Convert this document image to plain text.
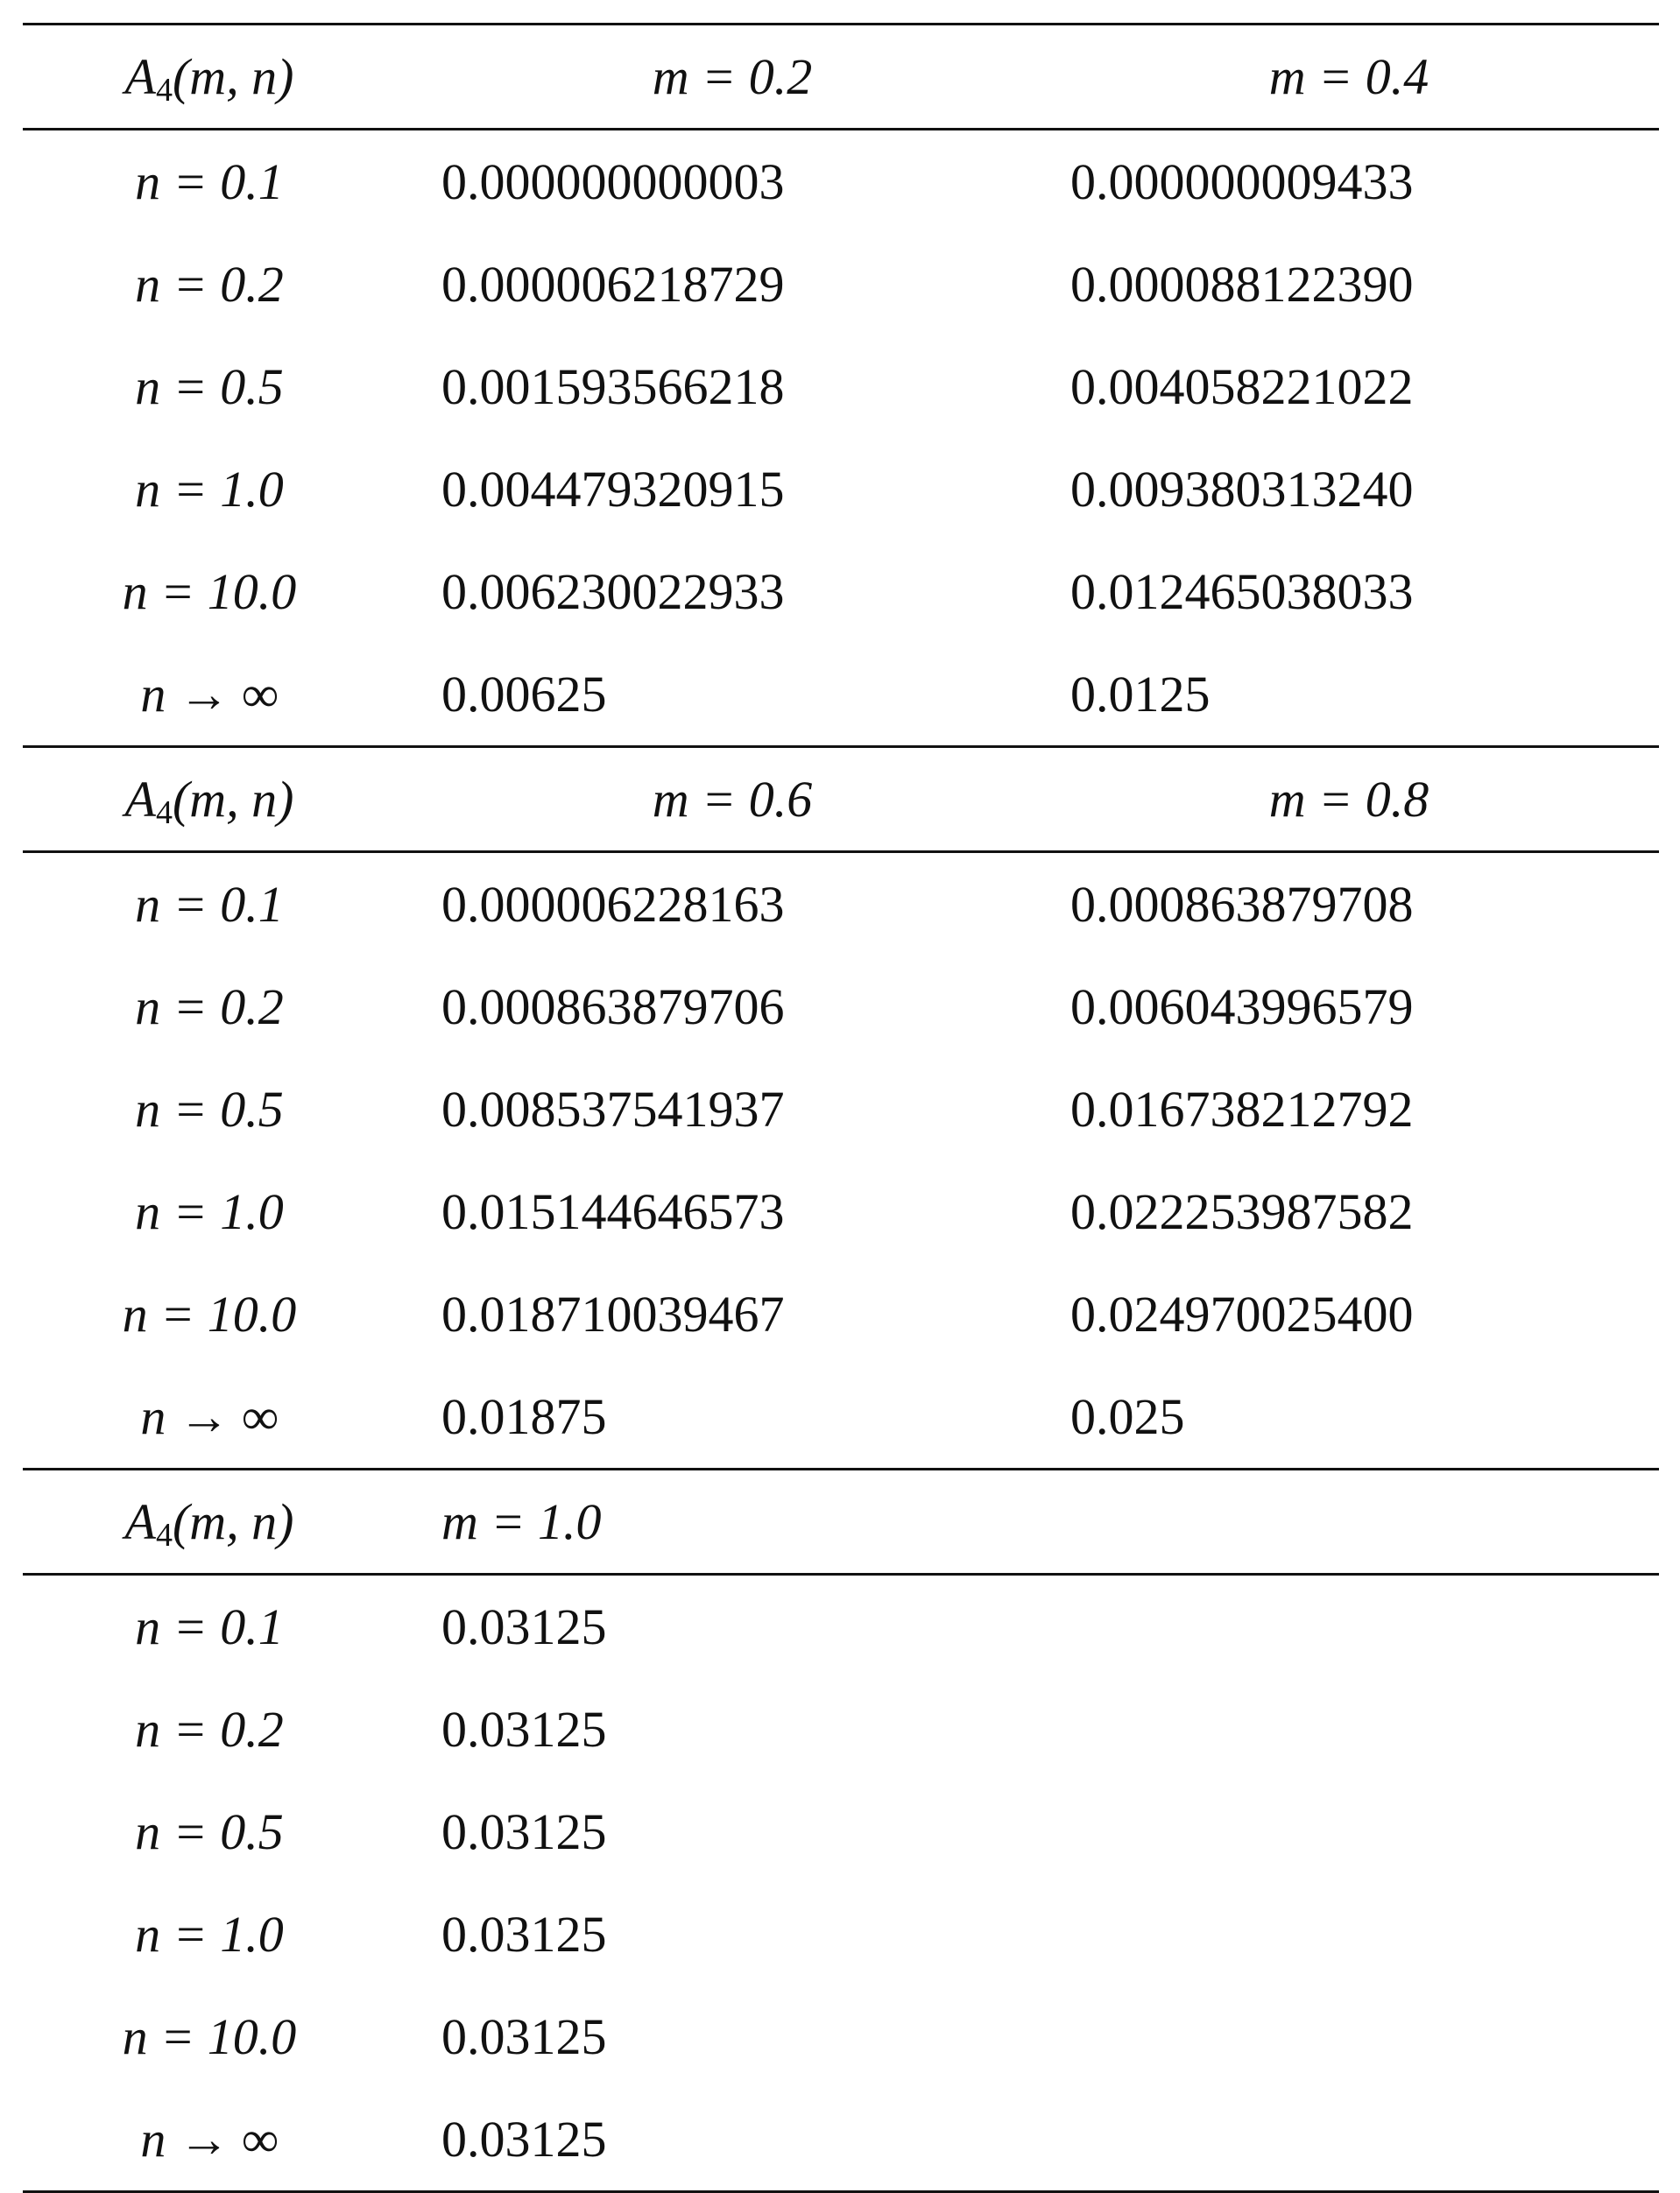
$A_4(m$, n)	m = 0.2	m = 0.4
n = 0.1	0.000000000003	0.000000009433
n = 0.2	0.000006218729	0.000088122390
n = 0.5	0.001593566218	0.004058221022
n = 1.0	0.004479320915	0.009380313240
n = 10.0	0.006230022933	0.012465038033
n → ∞	0.00625	0.0125
$A_4(m$, n)	m = 0.6	m = 0.8
n = 0.1	0.000006228163	0.000863879708
n = 0.2	0.000863879706	0.006043996579
n = 0.5	0.008537541937	0.016738212792
n = 1.0	0.015144646573	0.022253987582
n = 10.0	0.018710039467	0.024970025400
n → ∞	0.01875	0.025
$A_4(m$, n)	m = 1.0
n = 0.1	0.03125
n = 0.2	0.03125
n = 0.5	0.03125
n = 1.0	0.03125
n = 10.0	0.03125
n → ∞	0.03125
